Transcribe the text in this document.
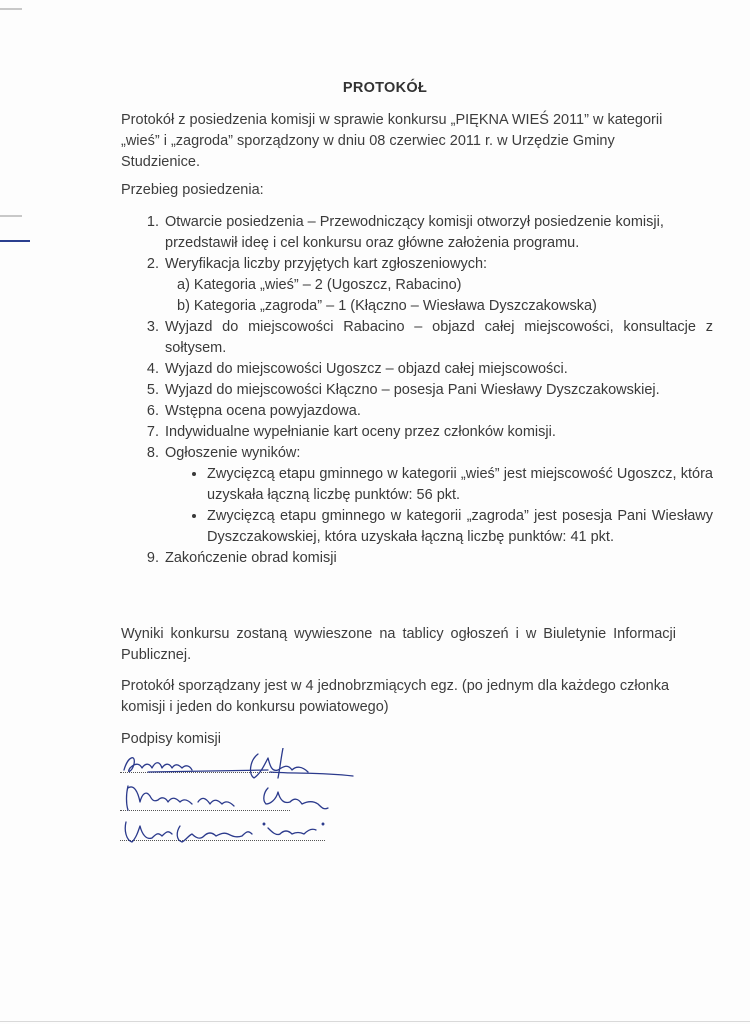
PROTOKÓŁ
Protokół z posiedzenia komisji w sprawie konkursu „PIĘKNA WIEŚ 2011” w kategorii „wieś” i „zagroda” sporządzony w dniu 08 czerwiec 2011 r. w Urzędzie Gminy Studzienice.
Przebieg posiedzenia:
1. Otwarcie posiedzenia – Przewodniczący komisji otworzył posiedzenie komisji, przedstawił ideę i cel konkursu oraz główne założenia programu.
2. Weryfikacja liczby przyjętych kart zgłoszeniowych:
a) Kategoria „wieś” – 2 (Ugoszcz, Rabacino)
b) Kategoria „zagroda” – 1 (Kłączno – Wiesława Dyszczakowska)
3. Wyjazd do miejscowości Rabacino – objazd całej miejscowości, konsultacje z sołtysem.
4. Wyjazd do miejscowości Ugoszcz – objazd całej miejscowości.
5. Wyjazd do miejscowości Kłączno – posesja Pani Wiesławy Dyszczakowskiej.
6. Wstępna ocena powyjazdowa.
7. Indywidualne wypełnianie kart oceny przez członków komisji.
8. Ogłoszenie wyników:
• Zwycięzcą etapu gminnego w kategorii „wieś” jest miejscowość Ugoszcz, która uzyskała łączną liczbę punktów: 56 pkt.
• Zwycięzcą etapu gminnego w kategorii „zagroda” jest posesja Pani Wiesławy Dyszczakowskiej, która uzyskała łączną liczbę punktów: 41 pkt.
9. Zakończenie obrad komisji
Wyniki konkursu zostaną wywieszone na tablicy ogłoszeń i w Biuletynie Informacji Publicznej.
Protokół sporządzany jest w 4 jednobrzmiących egz. (po jednym dla każdego członka komisji i jeden do konkursu powiatowego)
Podpisy komisji
